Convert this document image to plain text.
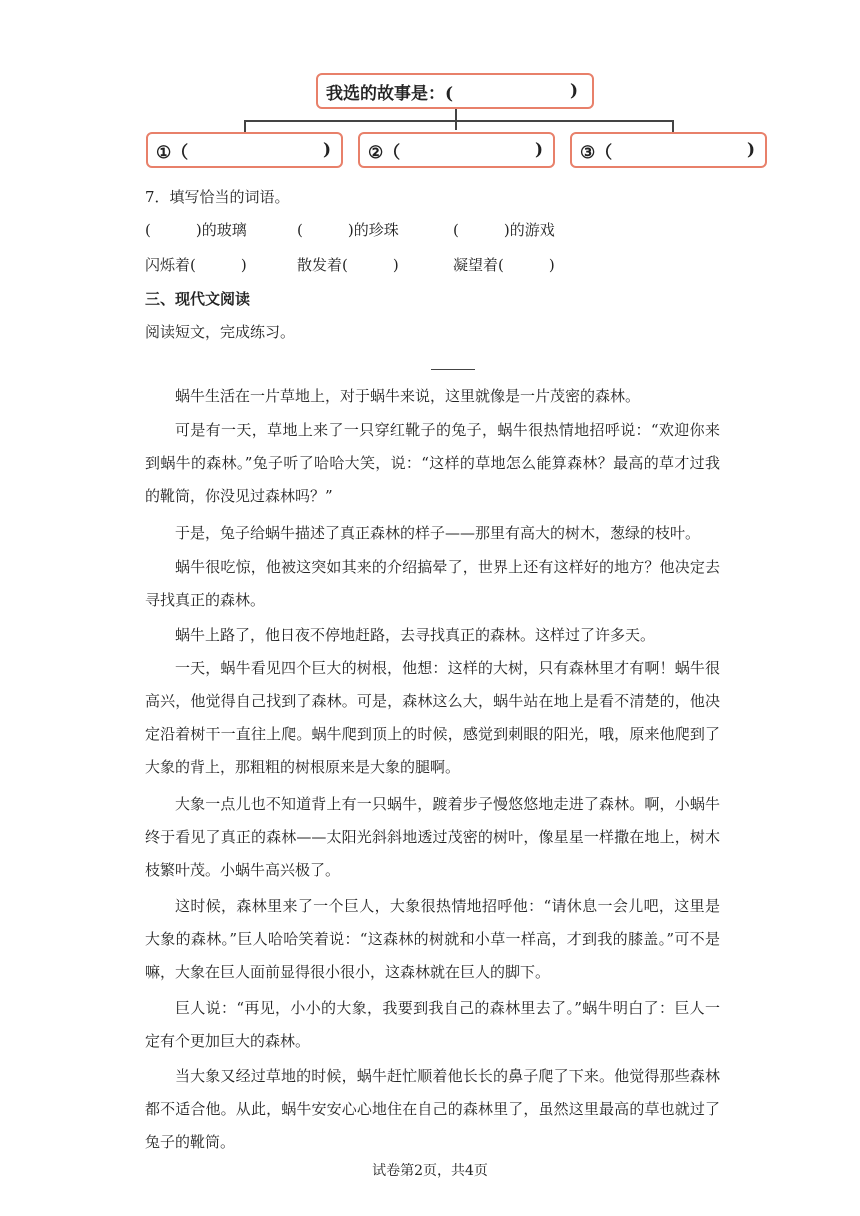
我选的故事是：(	)
①（	) ②（	) ③（	)
7．填写恰当的词语。
(　　　)的玻璃	(　　　)的珍珠	(　　　)的游戏
闪烁着(　　　)	散发着(　　　)	凝望着(　　　)
三、现代文阅读
阅读短文，完成练习。
蜗牛生活在一片草地上，对于蜗牛来说，这里就像是一片茂密的森林。
可是有一天，草地上来了一只穿红靴子的兔子，蜗牛很热情地招呼说：“欢迎你来到蜗牛的森林。”兔子听了哈哈大笑，说：“这样的草地怎么能算森林？最高的草才过我的靴筒，你没见过森林吗？”
于是，兔子给蜗牛描述了真正森林的样子——那里有高大的树木，葱绿的枝叶。
蜗牛很吃惊，他被这突如其来的介绍搞晕了，世界上还有这样好的地方？他决定去寻找真正的森林。
蜗牛上路了，他日夜不停地赶路，去寻找真正的森林。这样过了许多天。
一天，蜗牛看见四个巨大的树根，他想：这样的大树，只有森林里才有啊！蜗牛很高兴，他觉得自己找到了森林。可是，森林这么大，蜗牛站在地上是看不清楚的，他决定沿着树干一直往上爬。蜗牛爬到顶上的时候，感觉到刺眼的阳光，哦，原来他爬到了大象的背上，那粗粗的树根原来是大象的腿啊。
大象一点儿也不知道背上有一只蜗牛，踱着步子慢悠悠地走进了森林。啊，小蜗牛终于看见了真正的森林——太阳光斜斜地透过茂密的树叶，像星星一样撒在地上，树木枝繁叶茂。小蜗牛高兴极了。
这时候，森林里来了一个巨人，大象很热情地招呼他：“请休息一会儿吧，这里是大象的森林。”巨人哈哈笑着说：“这森林的树就和小草一样高，才到我的膝盖。”可不是嘛，大象在巨人面前显得很小很小，这森林就在巨人的脚下。
巨人说：“再见，小小的大象，我要到我自己的森林里去了。”蜗牛明白了：巨人一定有个更加巨大的森林。
当大象又经过草地的时候，蜗牛赶忙顺着他长长的鼻子爬了下来。他觉得那些森林都不适合他。从此，蜗牛安安心心地住在自己的森林里了，虽然这里最高的草也就过了兔子的靴筒。
试卷第2页，共4页
